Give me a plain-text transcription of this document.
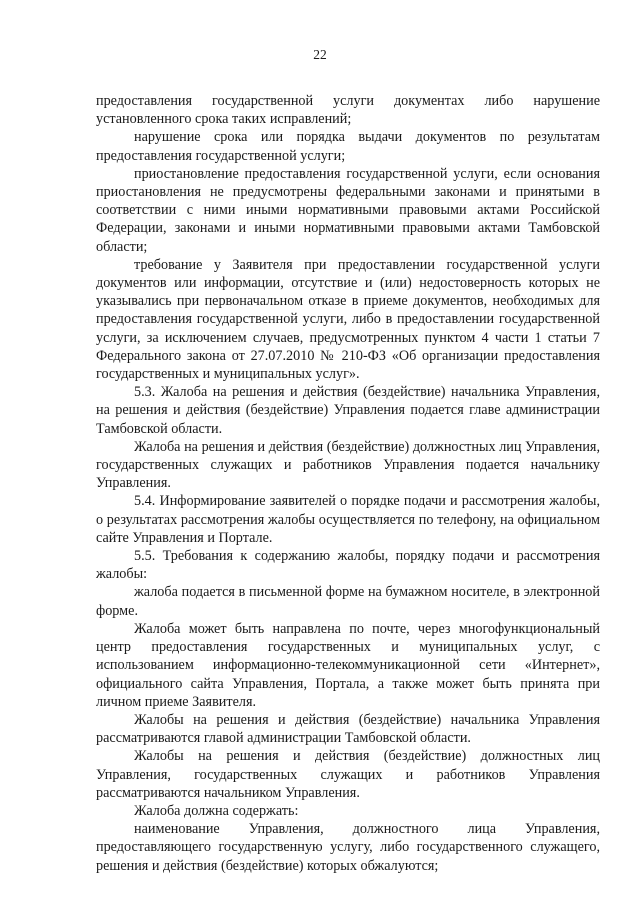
22

предоставления государственной услуги документах либо нарушение установленного срока таких исправлений;

нарушение срока или порядка выдачи документов по результатам предоставления государственной услуги;

приостановление предоставления государственной услуги, если основания приостановления не предусмотрены федеральными законами и принятыми в соответствии с ними иными нормативными правовыми актами Российской Федерации, законами и иными нормативными правовыми актами Тамбовской области;

требование у Заявителя при предоставлении государственной услуги документов или информации, отсутствие и (или) недостоверность которых не указывались при первоначальном отказе в приеме документов, необходимых для предоставления государственной услуги, либо в предоставлении государственной услуги, за исключением случаев, предусмотренных пунктом 4 части 1 статьи 7 Федерального закона от 27.07.2010 № 210-ФЗ «Об организации предоставления государственных и муниципальных услуг».

5.3. Жалоба на решения и действия (бездействие) начальника Управления, на решения и действия (бездействие) Управления подается главе администрации Тамбовской области.

Жалоба на решения и действия (бездействие) должностных лиц Управления, государственных служащих и работников Управления подается начальнику Управления.

5.4. Информирование заявителей о порядке подачи и рассмотрения жалобы, о результатах рассмотрения жалобы осуществляется по телефону, на официальном сайте Управления и Портале.

5.5. Требования к содержанию жалобы, порядку подачи и рассмотрения жалобы:

жалоба подается в письменной форме на бумажном носителе, в электронной форме.

Жалоба может быть направлена по почте, через многофункциональный центр предоставления государственных и муниципальных услуг, с использованием информационно-телекоммуникационной сети «Интернет», официального сайта Управления, Портала, а также может быть принята при личном приеме Заявителя.

Жалобы на решения и действия (бездействие) начальника Управления рассматриваются главой администрации Тамбовской области.

Жалобы на решения и действия (бездействие) должностных лиц Управления, государственных служащих и работников Управления рассматриваются начальником Управления.

Жалоба должна содержать:

наименование Управления, должностного лица Управления, предоставляющего государственную услугу, либо государственного служащего, решения и действия (бездействие) которых обжалуются;
